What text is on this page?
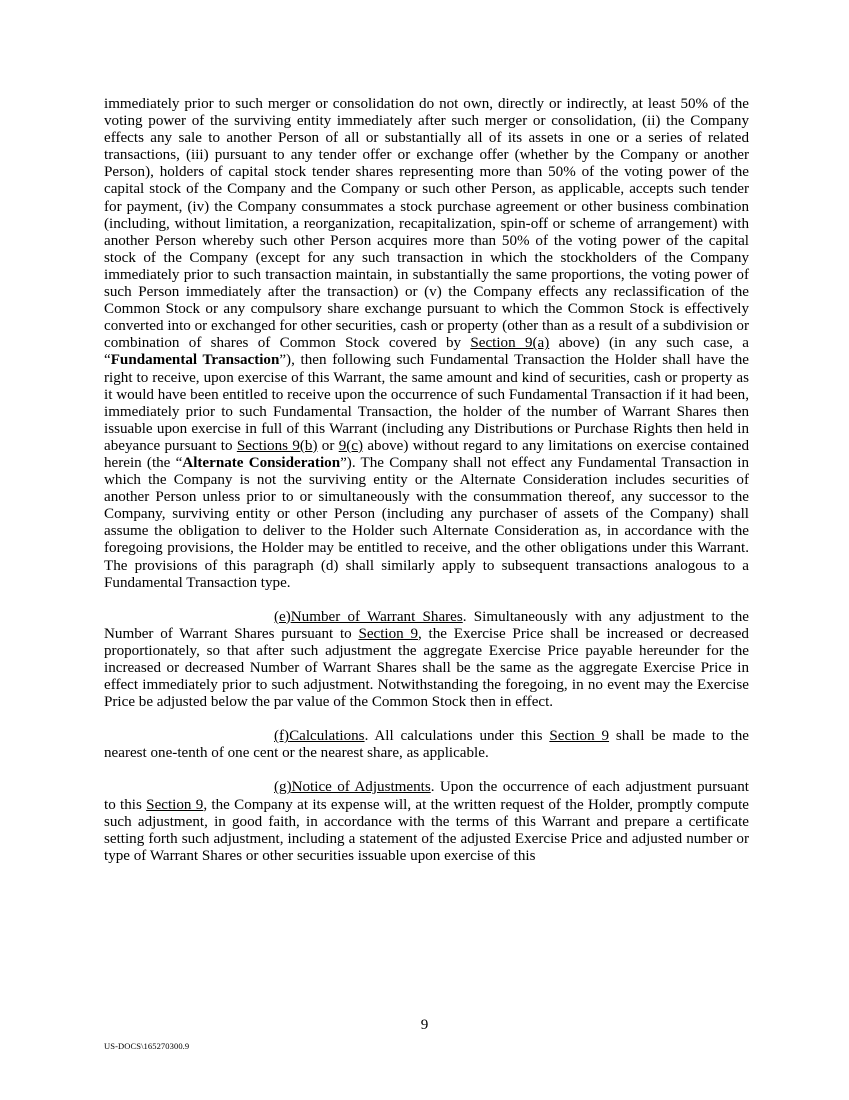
immediately prior to such merger or consolidation do not own, directly or indirectly, at least 50% of the voting power of the surviving entity immediately after such merger or consolidation, (ii) the Company effects any sale to another Person of all or substantially all of its assets in one or a series of related transactions, (iii) pursuant to any tender offer or exchange offer (whether by the Company or another Person), holders of capital stock tender shares representing more than 50% of the voting power of the capital stock of the Company and the Company or such other Person, as applicable, accepts such tender for payment, (iv) the Company consummates a stock purchase agreement or other business combination (including, without limitation, a reorganization, recapitalization, spin-off or scheme of arrangement) with another Person whereby such other Person acquires more than 50% of the voting power of the capital stock of the Company (except for any such transaction in which the stockholders of the Company immediately prior to such transaction maintain, in substantially the same proportions, the voting power of such Person immediately after the transaction) or (v) the Company effects any reclassification of the Common Stock or any compulsory share exchange pursuant to which the Common Stock is effectively converted into or exchanged for other securities, cash or property (other than as a result of a subdivision or combination of shares of Common Stock covered by Section 9(a) above) (in any such case, a “Fundamental Transaction”), then following such Fundamental Transaction the Holder shall have the right to receive, upon exercise of this Warrant, the same amount and kind of securities, cash or property as it would have been entitled to receive upon the occurrence of such Fundamental Transaction if it had been, immediately prior to such Fundamental Transaction, the holder of the number of Warrant Shares then issuable upon exercise in full of this Warrant (including any Distributions or Purchase Rights then held in abeyance pursuant to Sections 9(b) or 9(c) above) without regard to any limitations on exercise contained herein (the “Alternate Consideration”). The Company shall not effect any Fundamental Transaction in which the Company is not the surviving entity or the Alternate Consideration includes securities of another Person unless prior to or simultaneously with the consummation thereof, any successor to the Company, surviving entity or other Person (including any purchaser of assets of the Company) shall assume the obligation to deliver to the Holder such Alternate Consideration as, in accordance with the foregoing provisions, the Holder may be entitled to receive, and the other obligations under this Warrant. The provisions of this paragraph (d) shall similarly apply to subsequent transactions analogous to a Fundamental Transaction type.

(e)Number of Warrant Shares. Simultaneously with any adjustment to the Number of Warrant Shares pursuant to Section 9, the Exercise Price shall be increased or decreased proportionately, so that after such adjustment the aggregate Exercise Price payable hereunder for the increased or decreased Number of Warrant Shares shall be the same as the aggregate Exercise Price in effect immediately prior to such adjustment. Notwithstanding the foregoing, in no event may the Exercise Price be adjusted below the par value of the Common Stock then in effect.

(f)Calculations. All calculations under this Section 9 shall be made to the nearest one-tenth of one cent or the nearest share, as applicable.

(g)Notice of Adjustments. Upon the occurrence of each adjustment pursuant to this Section 9, the Company at its expense will, at the written request of the Holder, promptly compute such adjustment, in good faith, in accordance with the terms of this Warrant and prepare a certificate setting forth such adjustment, including a statement of the adjusted Exercise Price and adjusted number or type of Warrant Shares or other securities issuable upon exercise of this

9
US-DOCS\165270300.9
